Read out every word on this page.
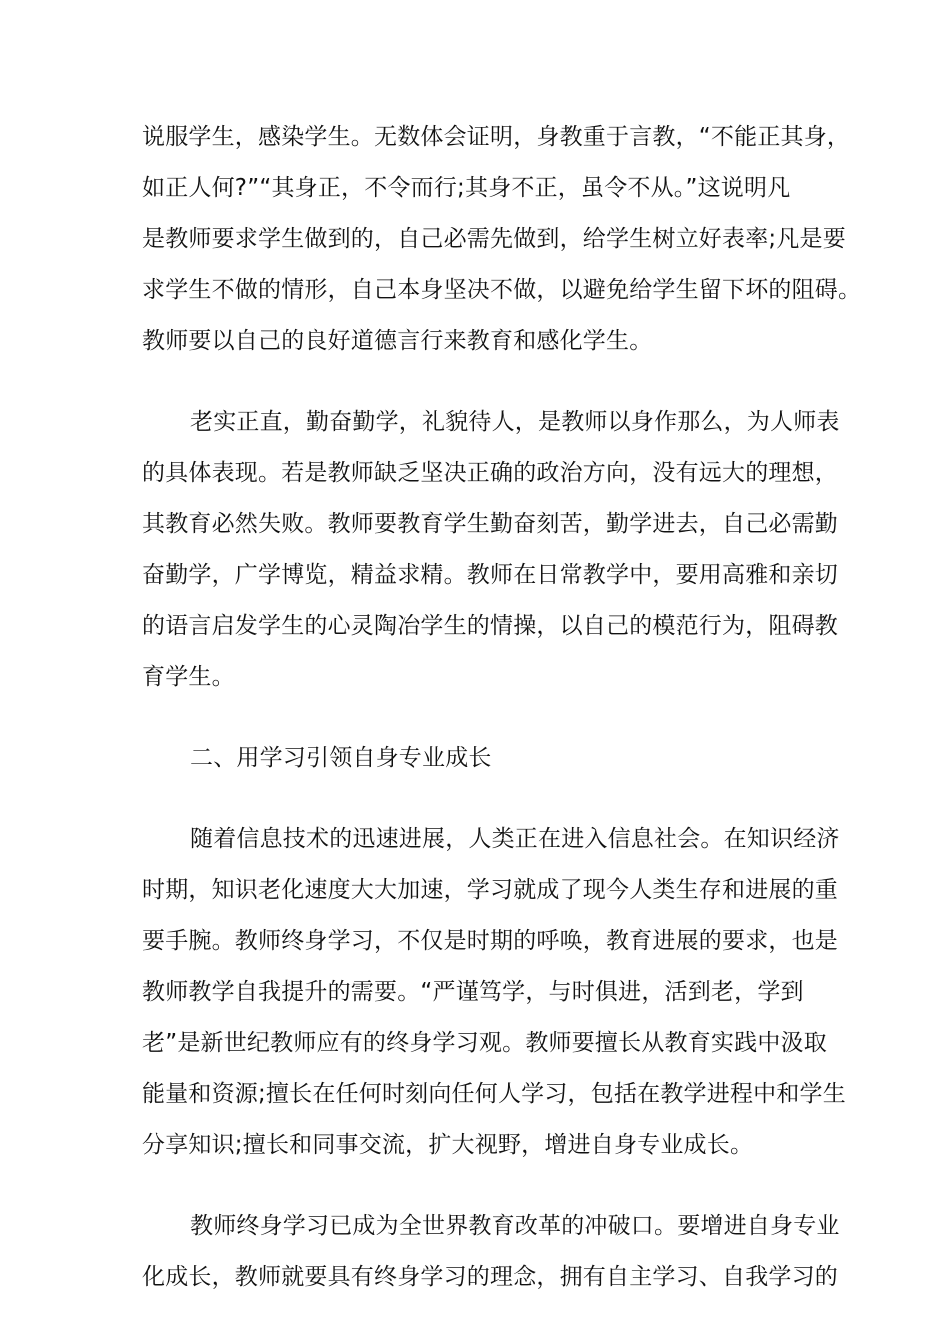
说服学生，感染学生。无数体会证明，身教重于言教，“不能正其身，
如正人何?”“其身正，不令而行;其身不正，虽令不从。”这说明凡
是教师要求学生做到的，自己必需先做到，给学生树立好表率;凡是要
求学生不做的情形，自己本身坚决不做，以避免给学生留下坏的阻碍。
教师要以自己的良好道德言行来教育和感化学生。
老实正直，勤奋勤学，礼貌待人，是教师以身作那么，为人师表
的具体表现。若是教师缺乏坚决正确的政治方向，没有远大的理想，
其教育必然失败。教师要教育学生勤奋刻苦，勤学进去，自己必需勤
奋勤学，广学博览，精益求精。教师在日常教学中，要用高雅和亲切
的语言启发学生的心灵陶冶学生的情操，以自己的模范行为，阻碍教
育学生。
二、用学习引领自身专业成长
随着信息技术的迅速进展，人类正在进入信息社会。在知识经济
时期，知识老化速度大大加速，学习就成了现今人类生存和进展的重
要手腕。教师终身学习，不仅是时期的呼唤，教育进展的要求，也是
教师教学自我提升的需要。“严谨笃学，与时俱进，活到老，学到
老”是新世纪教师应有的终身学习观。教师要擅长从教育实践中汲取
能量和资源;擅长在任何时刻向任何人学习，包括在教学进程中和学生
分享知识;擅长和同事交流，扩大视野，增进自身专业成长。
教师终身学习已成为全世界教育改革的冲破口。要增进自身专业
化成长，教师就要具有终身学习的理念，拥有自主学习、自我学习的
